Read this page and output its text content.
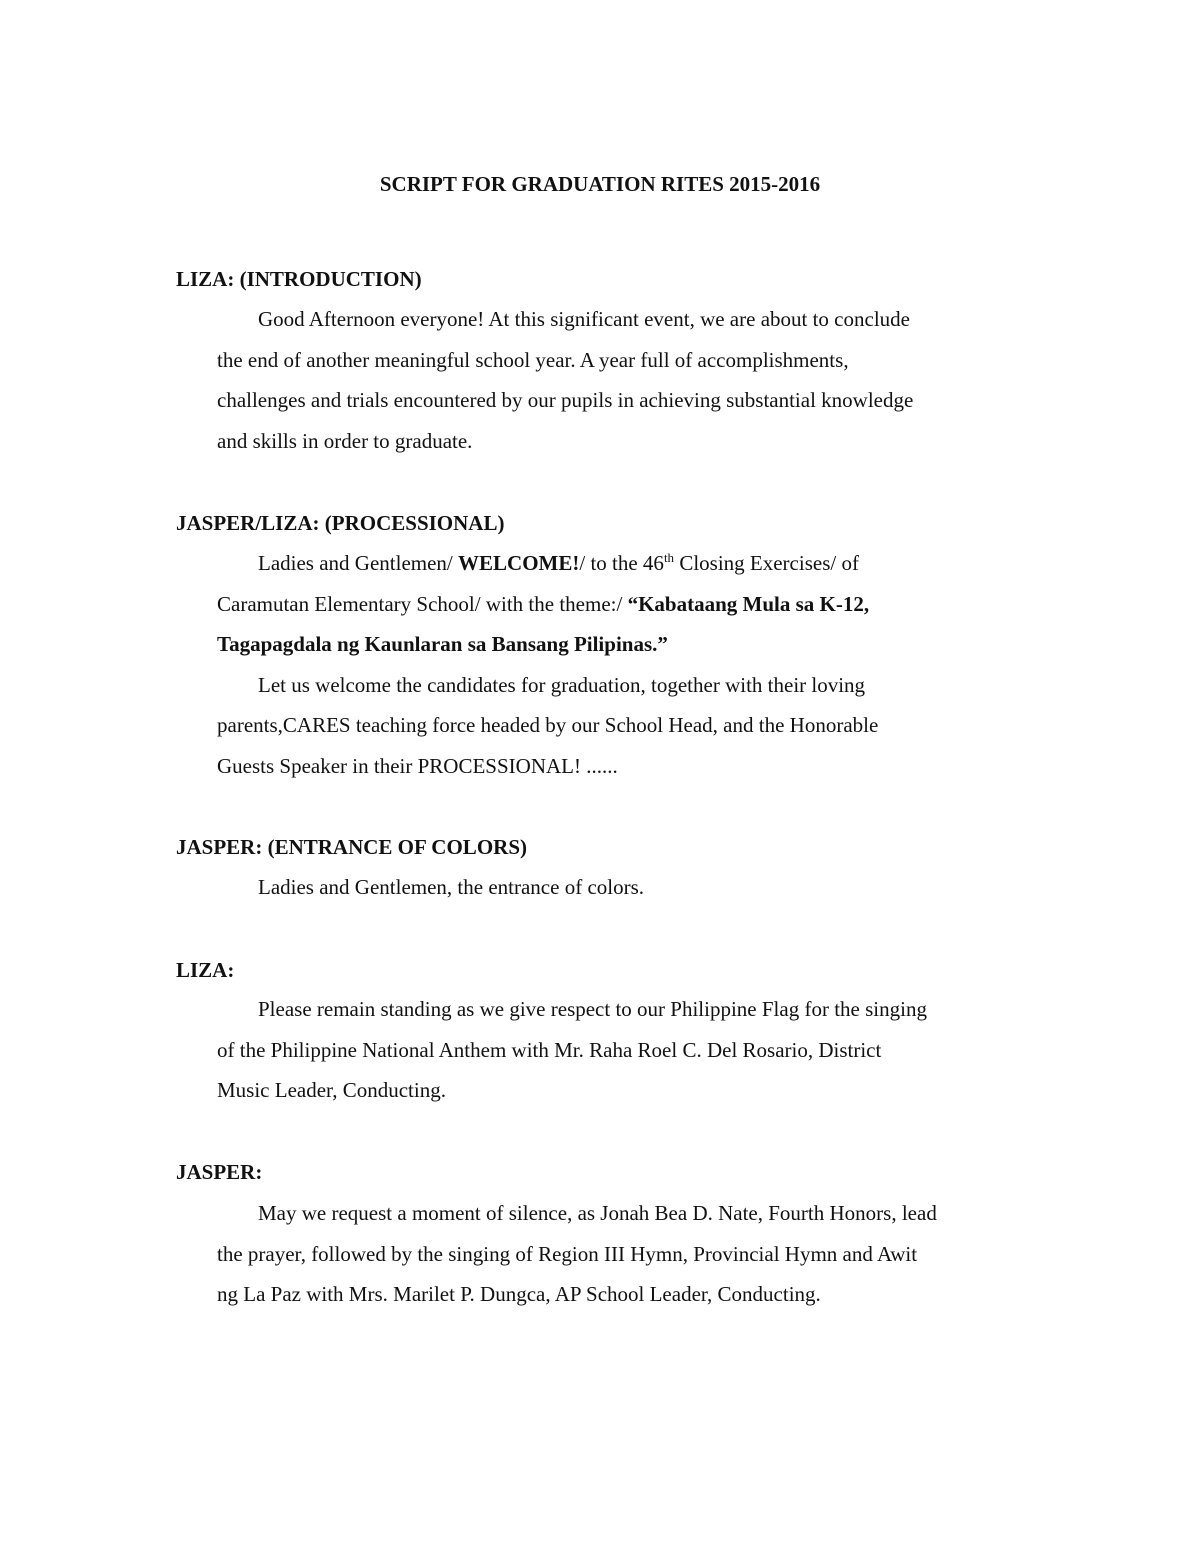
SCRIPT FOR GRADUATION RITES 2015-2016
LIZA: (INTRODUCTION)
Good Afternoon everyone! At this significant event, we are about to conclude
the end of another meaningful school year. A year full of accomplishments,
challenges and trials encountered by our pupils in achieving substantial knowledge
and skills in order to graduate.
JASPER/LIZA: (PROCESSIONAL)
Ladies and Gentlemen/ WELCOME!/ to the 46th Closing Exercises/ of
Caramutan Elementary School/ with the theme:/ “Kabataang Mula sa K-12,
Tagapagdala ng Kaunlaran sa Bansang Pilipinas.”
Let us welcome the candidates for graduation, together with their loving
parents,CARES teaching force headed by our School Head, and the Honorable
Guests Speaker in their PROCESSIONAL! ......
JASPER: (ENTRANCE OF COLORS)
Ladies and Gentlemen, the entrance of colors.
LIZA:
Please remain standing as we give respect to our Philippine Flag for the singing
of the Philippine National Anthem with Mr. Raha Roel C. Del Rosario, District
Music Leader, Conducting.
JASPER:
May we request a moment of silence, as Jonah Bea D. Nate, Fourth Honors, lead
the prayer, followed by the singing of Region III Hymn, Provincial Hymn and Awit
ng La Paz with Mrs. Marilet P. Dungca, AP School Leader, Conducting.
